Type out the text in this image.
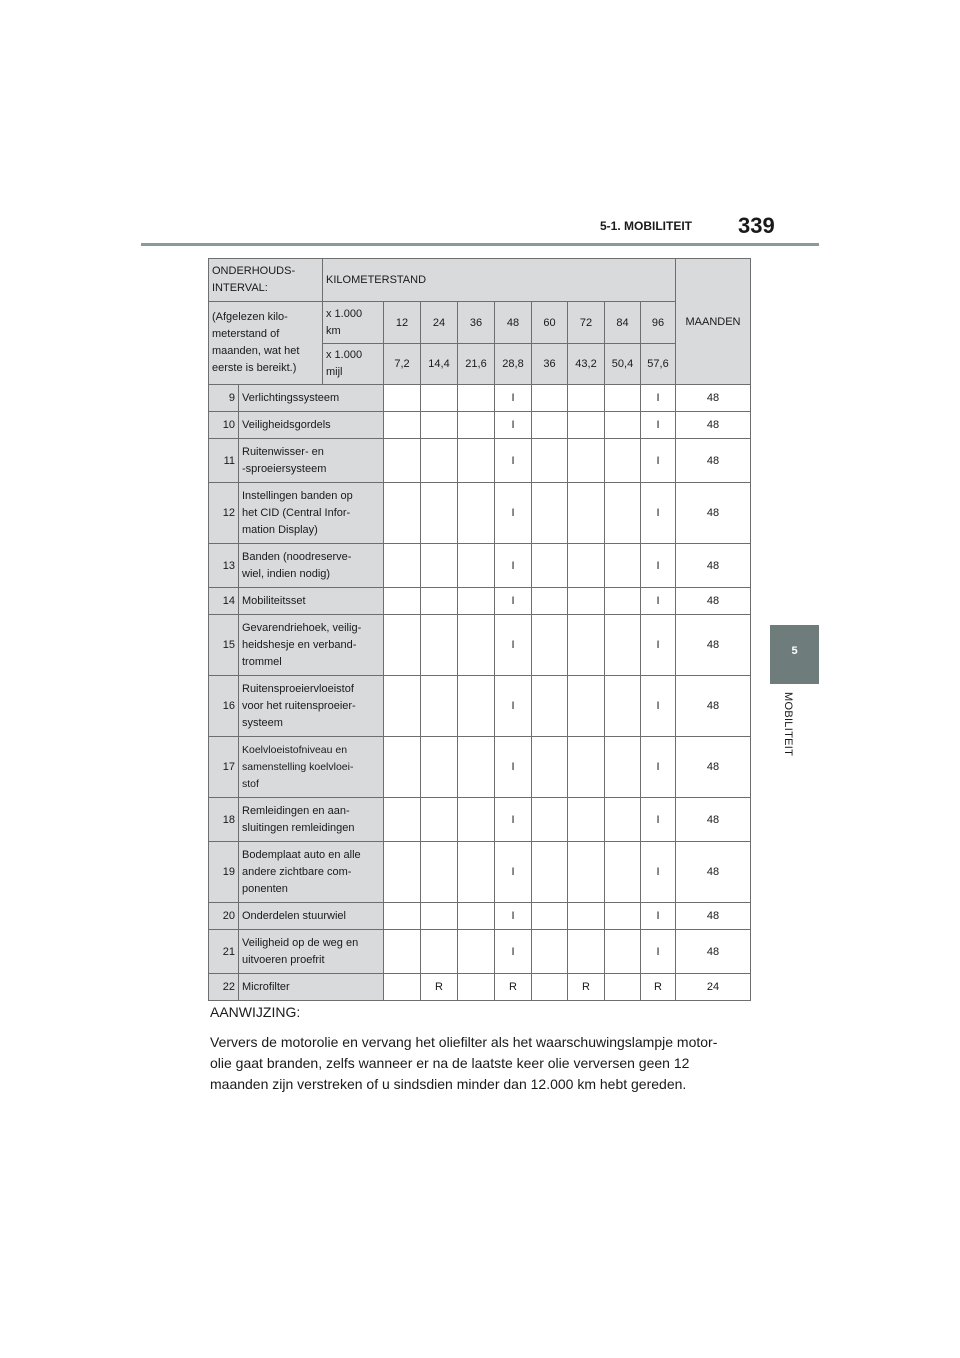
5-1. MOBILITEIT 339
5
MOBILITEIT
ONDERHOUDS-
INTERVAL:		KILOMETERSTAND									MAANDEN
(Afgelezen kilo-
meterstand of
maanden, wat het
eerste is bereikt.)		x 1.000
km	12	24	36	48	60	72	84	96	
		x 1.000
mijl	7,2	14,4	21,6	28,8	36	43,2	50,4	57,6	
9	Verlichtingssysteem					I				I	48
10	Veiligheidsgordels					I				I	48
11	Ruitenwisser- en
-sproeiersysteem					I				I	48
12	Instellingen banden op
het CID (Central Infor-
mation Display)					I				I	48
13	Banden (noodreserve-
wiel, indien nodig)					I				I	48
14	Mobiliteitsset					I				I	48
15	Gevarendriehoek, veilig-
heidshesje en verband-
trommel					I				I	48
16	Ruitensproeiervloeistof
voor het ruitensproeier-
systeem					I				I	48
17	Koelvloeistofniveau en
samenstelling koelvloei-
stof					I				I	48
18	Remleidingen en aan-
sluitingen remleidingen					I				I	48
19	Bodemplaat auto en alle
andere zichtbare com-
ponenten					I				I	48
20	Onderdelen stuurwiel					I				I	48
21	Veiligheid op de weg en
uitvoeren proefrit					I				I	48
22	Microfilter			R		R		R		R	24
AANWIJZING:
Ververs de motorolie en vervang het oliefilter als het waarschuwingslampje motor-
olie gaat branden, zelfs wanneer er na de laatste keer olie verversen geen 12
maanden zijn verstreken of u sindsdien minder dan 12.000 km hebt gereden.
